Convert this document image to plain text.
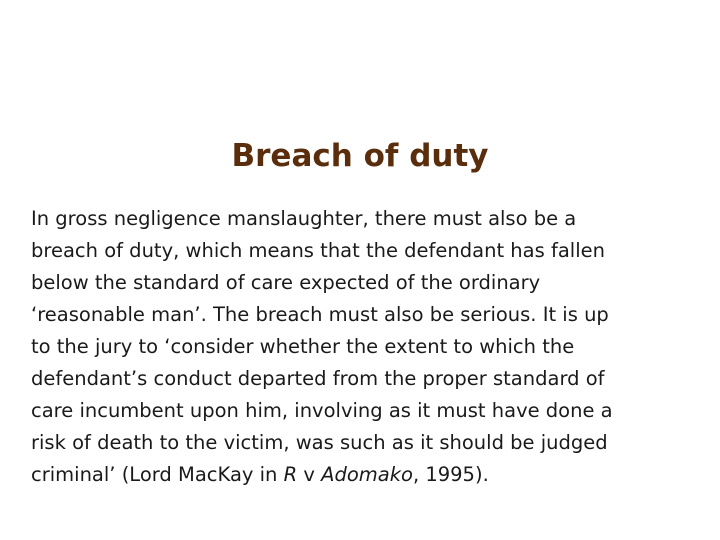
Breach of duty

In gross negligence manslaughter, there must also be a
breach of duty, which means that the defendant has fallen
below the standard of care expected of the ordinary
‘reasonable man’. The breach must also be serious. It is up
to the jury to ‘consider whether the extent to which the
defendant’s conduct departed from the proper standard of
care incumbent upon him, involving as it must have done a
risk of death to the victim, was such as it should be judged
criminal’ (Lord MacKay in R v Adomako, 1995).
